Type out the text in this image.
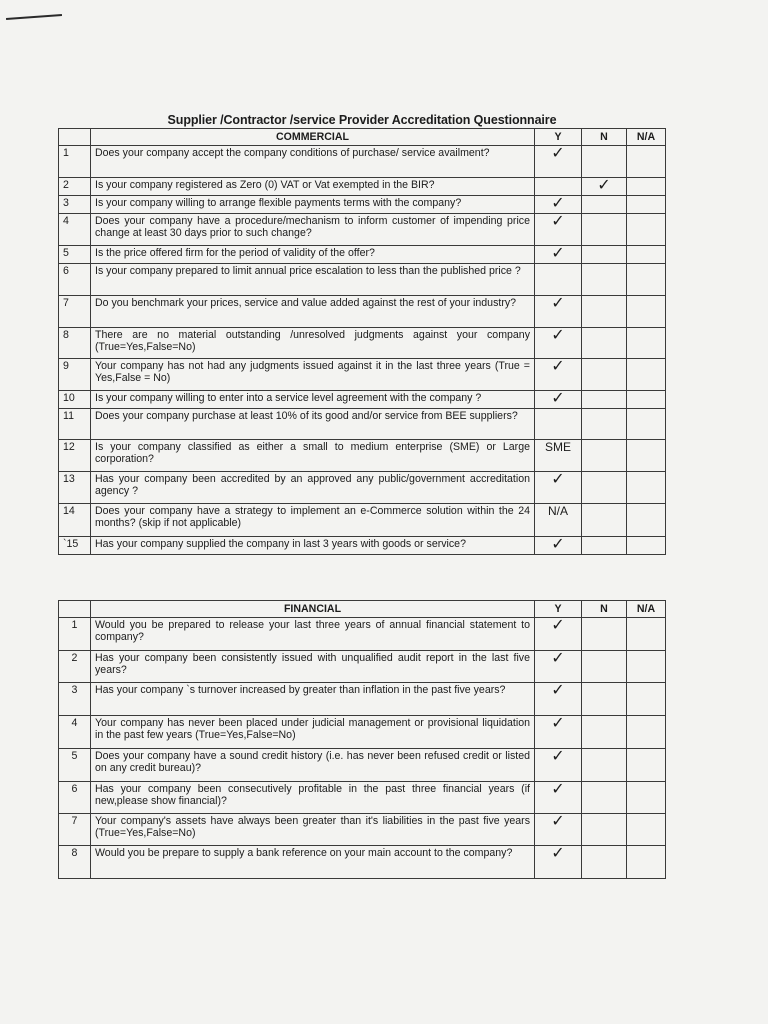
Supplier /Contractor /service Provider Accreditation Questionnaire
	COMMERCIAL	Y	N	N/A
1	Does your company accept the company conditions of purchase/ service availment?	✓		
2	Is your company registered as Zero (0) VAT or Vat exempted in the BIR?		✓	
3	Is your company willing to arrange flexible payments terms with the company?	✓		
4	Does your company have a procedure/mechanism to inform customer of impending price change at least 30 days prior to such change?	✓		
5	Is the price offered firm for the period of validity of the offer?	✓		
6	Is your company prepared to limit annual price escalation to less than the published price ?			
7	Do you benchmark your prices, service and value added against the rest of your industry?	✓		
8	There are no material outstanding /unresolved judgments against your company (True=Yes,False=No)	✓		
9	Your company has not had any judgments issued against it in the last three years (True = Yes,False = No)	✓		
10	Is your company willing to enter into a service level agreement with the company ?	✓		
11	Does your company purchase at least 10% of its good and/or service from BEE suppliers?			
12	Is your company classified as either a small to medium enterprise (SME) or Large corporation?	SME		
13	Has your company been accredited by an approved any public/government accreditation agency ?	✓		
14	Does your company have a strategy to implement an e-Commerce solution within the 24 months? (skip if not applicable)	N/A		
`15	Has your company supplied the company in last 3 years with goods or service?	✓		
	FINANCIAL	Y	N	N/A
1	Would you be prepared to release your last three years of annual financial statement to company?	✓		
2	Has your company been consistently issued with unqualified audit report in the last five years?	✓		
3	Has your company `s turnover increased by greater than inflation in the past five years?	✓		
4	Your company has never been placed under judicial management or provisional liquidation in the past few years (True=Yes,False=No)	✓		
5	Does your company have a sound credit history (i.e. has never been refused credit or listed on any credit bureau)?	✓		
6	Has your company been consecutively profitable in the past three financial years (if new,please show financial)?	✓		
7	Your company's assets have always been greater than it's liabilities in the past five years (True=Yes,False=No)	✓		
8	Would you be prepare to supply a bank reference on your main account to the company?	✓		
